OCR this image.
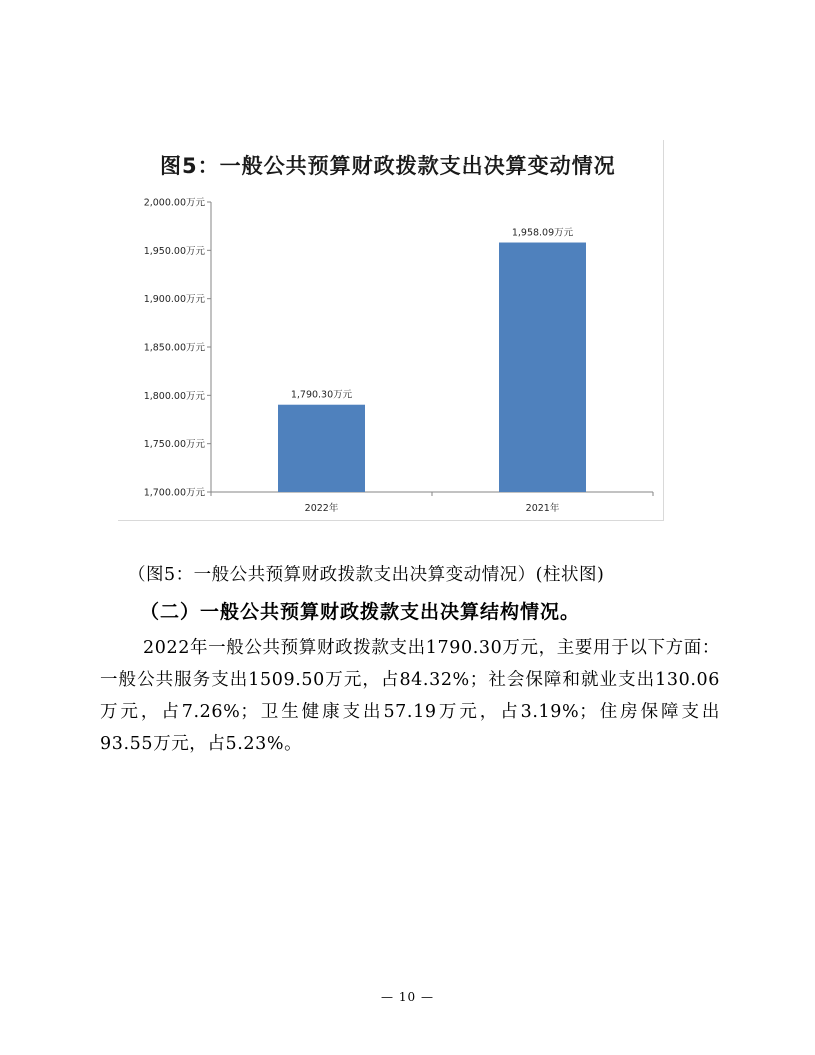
图5：一般公共预算财政拨款支出决算变动情况
1,700.00万元
1,750.00万元
1,800.00万元
1,850.00万元
1,900.00万元
1,950.00万元
2,000.00万元
1,790.30万元
2022年
1,958.09万元
2021年
（图5：一般公共预算财政拨款支出决算变动情况）(柱状图)
（二）一般公共预算财政拨款支出决算结构情况。
2022年一般公共预算财政拨款支出1790.30万元，主要用于以下方面：一般公共服务支出1509.50万元，占84.32%；社会保障和就业支出130.06万元，占7.26%；卫生健康支出57.19万元，占3.19%；住房保障支出93.55万元，占5.23%。
— 10 —
